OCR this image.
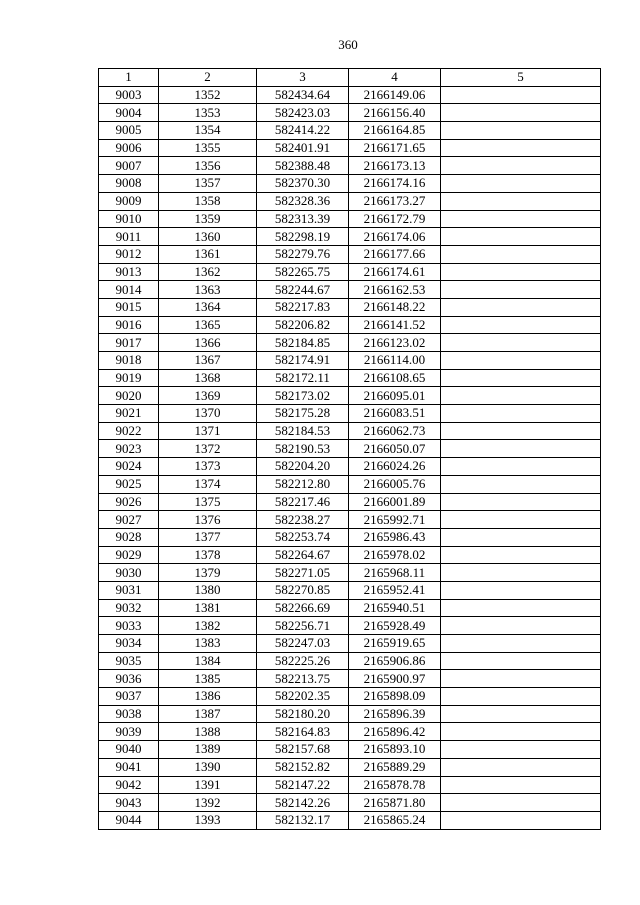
360
1	2	3	4	5
9003	1352	582434.64	2166149.06	
9004	1353	582423.03	2166156.40	
9005	1354	582414.22	2166164.85	
9006	1355	582401.91	2166171.65	
9007	1356	582388.48	2166173.13	
9008	1357	582370.30	2166174.16	
9009	1358	582328.36	2166173.27	
9010	1359	582313.39	2166172.79	
9011	1360	582298.19	2166174.06	
9012	1361	582279.76	2166177.66	
9013	1362	582265.75	2166174.61	
9014	1363	582244.67	2166162.53	
9015	1364	582217.83	2166148.22	
9016	1365	582206.82	2166141.52	
9017	1366	582184.85	2166123.02	
9018	1367	582174.91	2166114.00	
9019	1368	582172.11	2166108.65	
9020	1369	582173.02	2166095.01	
9021	1370	582175.28	2166083.51	
9022	1371	582184.53	2166062.73	
9023	1372	582190.53	2166050.07	
9024	1373	582204.20	2166024.26	
9025	1374	582212.80	2166005.76	
9026	1375	582217.46	2166001.89	
9027	1376	582238.27	2165992.71	
9028	1377	582253.74	2165986.43	
9029	1378	582264.67	2165978.02	
9030	1379	582271.05	2165968.11	
9031	1380	582270.85	2165952.41	
9032	1381	582266.69	2165940.51	
9033	1382	582256.71	2165928.49	
9034	1383	582247.03	2165919.65	
9035	1384	582225.26	2165906.86	
9036	1385	582213.75	2165900.97	
9037	1386	582202.35	2165898.09	
9038	1387	582180.20	2165896.39	
9039	1388	582164.83	2165896.42	
9040	1389	582157.68	2165893.10	
9041	1390	582152.82	2165889.29	
9042	1391	582147.22	2165878.78	
9043	1392	582142.26	2165871.80	
9044	1393	582132.17	2165865.24	
